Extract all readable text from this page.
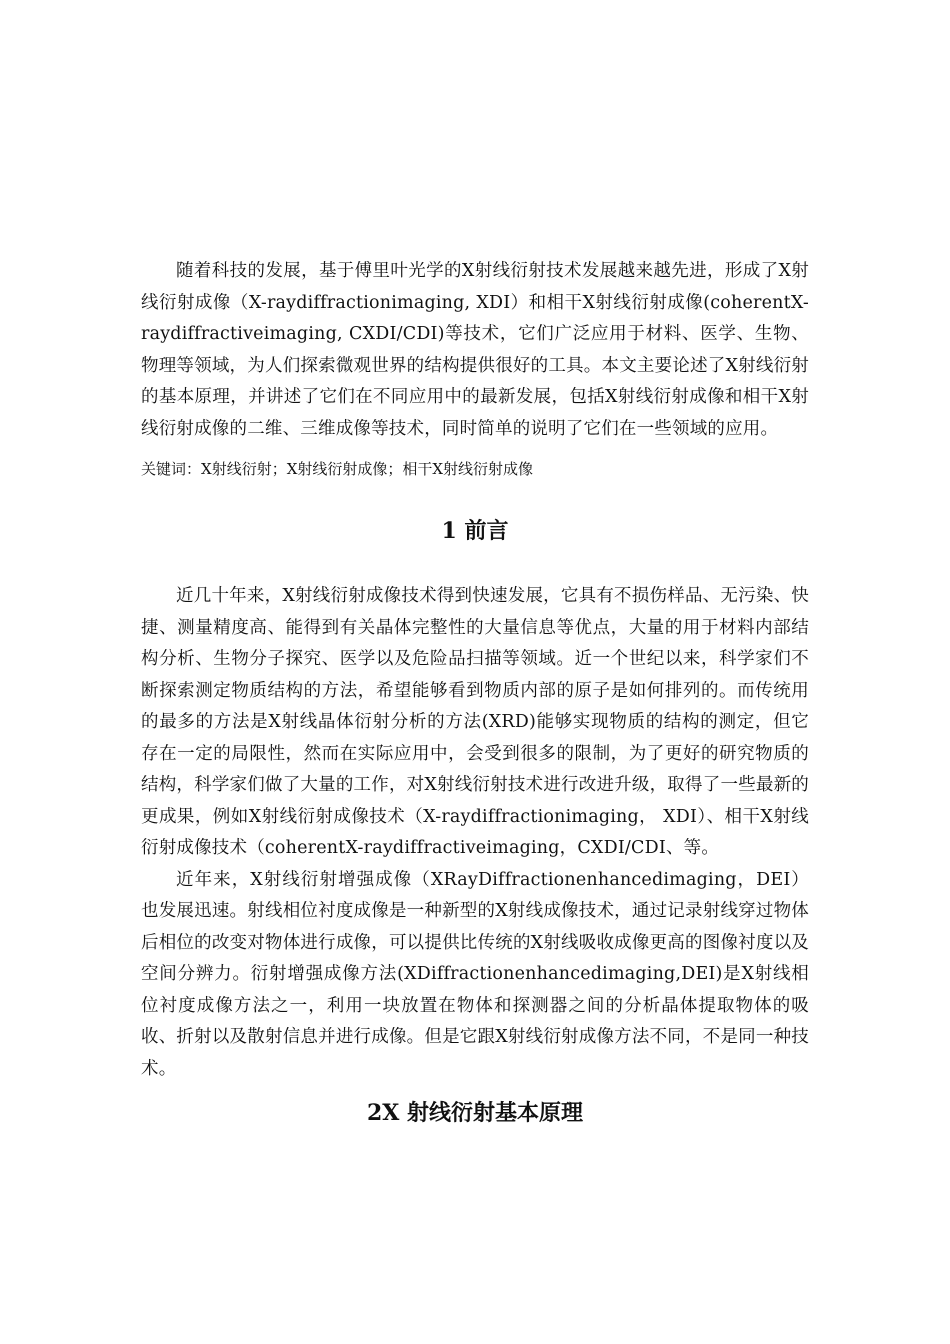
随着科技的发展，基于傅里叶光学的X射线衍射技术发展越来越先进，形成了X射线衍射成像（X-raydiffractionimaging, XDI）和相干X射线衍射成像(coherentX-raydiffractiveimaging, CXDI/CDI)等技术，它们广泛应用于材料、医学、生物、物理等领域，为人们探索微观世界的结构提供很好的工具。本文主要论述了X射线衍射的基本原理，并讲述了它们在不同应用中的最新发展，包括X射线衍射成像和相干X射线衍射成像的二维、三维成像等技术，同时简单的说明了它们在一些领域的应用。

关键词：X射线衍射；X射线衍射成像；相干X射线衍射成像

1 前言

近几十年来，X射线衍射成像技术得到快速发展，它具有不损伤样品、无污染、快捷、测量精度高、能得到有关晶体完整性的大量信息等优点，大量的用于材料内部结构分析、生物分子探究、医学以及危险品扫描等领域。近一个世纪以来，科学家们不断探索测定物质结构的方法，希望能够看到物质内部的原子是如何排列的。而传统用的最多的方法是X射线晶体衍射分析的方法(XRD)能够实现物质的结构的测定，但它存在一定的局限性，然而在实际应用中，会受到很多的限制，为了更好的研究物质的结构，科学家们做了大量的工作，对X射线衍射技术进行改进升级，取得了一些最新的更成果，例如X射线衍射成像技术（X-raydiffractionimaging， XDI）、相干X射线衍射成像技术（coherentX-raydiffractiveimaging，CXDI/CDI、等。

近年来，X射线衍射增强成像（XRayDiffractionenhancedimaging，DEI）也发展迅速。射线相位衬度成像是一种新型的X射线成像技术，通过记录射线穿过物体后相位的改变对物体进行成像，可以提供比传统的X射线吸收成像更高的图像衬度以及空间分辨力。衍射增强成像方法(XDiffractionenhancedimaging,DEI)是X射线相位衬度成像方法之一，利用一块放置在物体和探测器之间的分析晶体提取物体的吸收、折射以及散射信息并进行成像。但是它跟X射线衍射成像方法不同，不是同一种技术。

2X 射线衍射基本原理
